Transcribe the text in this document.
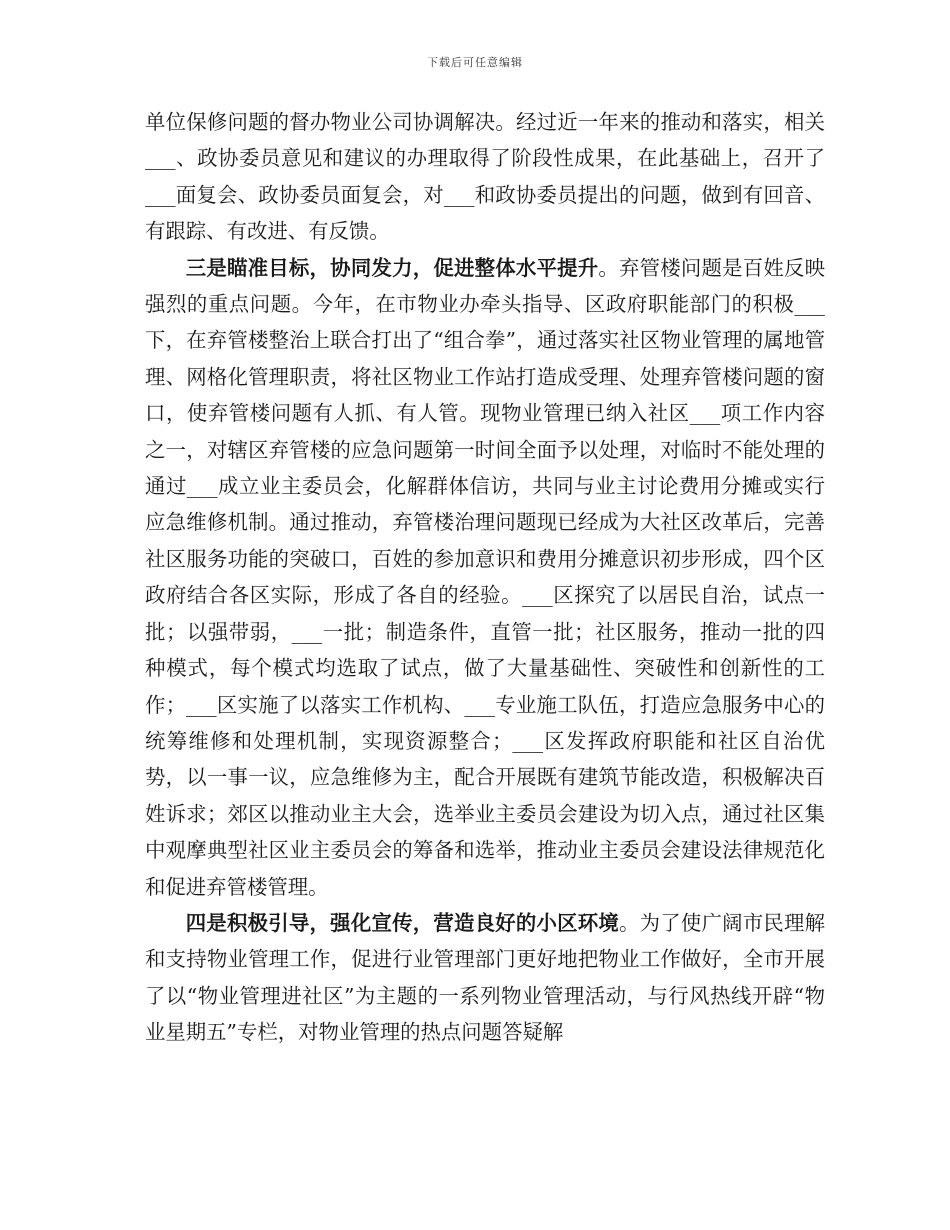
下载后可任意编辑

单位保修问题的督办物业公司协调解决。经过近一年来的推动和落实，相关___、政协委员意见和建议的办理取得了阶段性成果，在此基础上，召开了___面复会、政协委员面复会，对___和政协委员提出的问题，做到有回音、有跟踪、有改进、有反馈。

三是瞄准目标，协同发力，促进整体水平提升。弃管楼问题是百姓反映强烈的重点问题。今年，在市物业办牵头指导、区政府职能部门的积极___下，在弃管楼整治上联合打出了“组合拳”，通过落实社区物业管理的属地管理、网格化管理职责，将社区物业工作站打造成受理、处理弃管楼问题的窗口，使弃管楼问题有人抓、有人管。现物业管理已纳入社区___项工作内容之一，对辖区弃管楼的应急问题第一时间全面予以处理，对临时不能处理的通过___成立业主委员会，化解群体信访，共同与业主讨论费用分摊或实行应急维修机制。通过推动，弃管楼治理问题现已经成为大社区改革后，完善社区服务功能的突破口，百姓的参加意识和费用分摊意识初步形成，四个区政府结合各区实际，形成了各自的经验。___区探究了以居民自治，试点一批；以强带弱，___一批；制造条件，直管一批；社区服务，推动一批的四种模式，每个模式均选取了试点，做了大量基础性、突破性和创新性的工作；___区实施了以落实工作机构、___专业施工队伍，打造应急服务中心的统筹维修和处理机制，实现资源整合；___区发挥政府职能和社区自治优势，以一事一议，应急维修为主，配合开展既有建筑节能改造，积极解决百姓诉求；郊区以推动业主大会，选举业主委员会建设为切入点，通过社区集中观摩典型社区业主委员会的筹备和选举，推动业主委员会建设法律规范化和促进弃管楼管理。

四是积极引导，强化宣传，营造良好的小区环境。为了使广阔市民理解和支持物业管理工作，促进行业管理部门更好地把物业工作做好，全市开展了以“物业管理进社区”为主题的一系列物业管理活动，与行风热线开辟“物业星期五”专栏，对物业管理的热点问题答疑解
